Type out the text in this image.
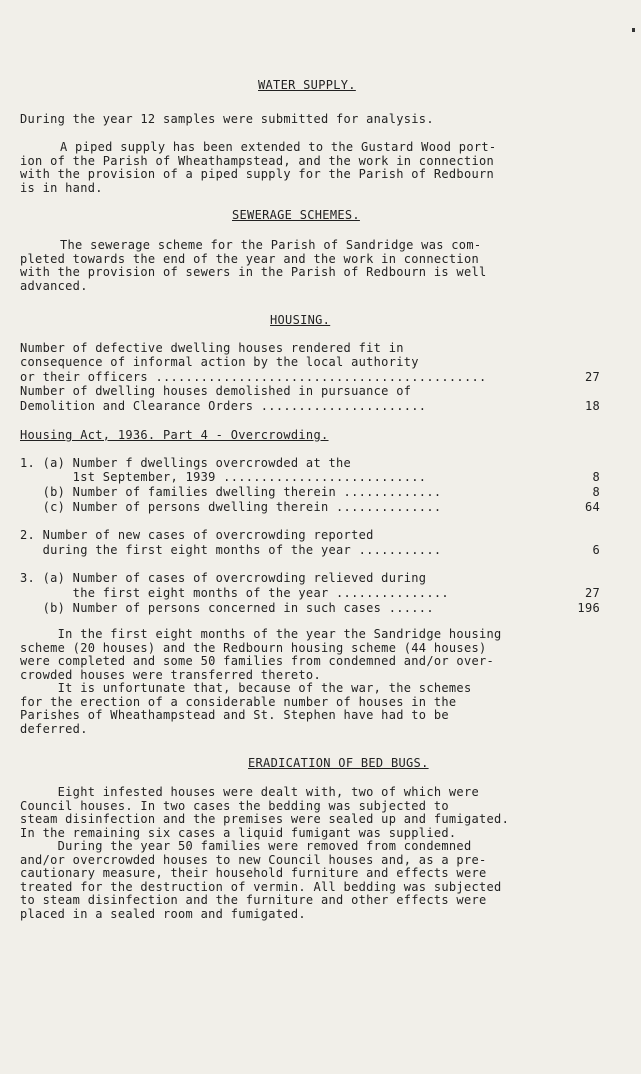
WATER SUPPLY.
During the year 12 samples were submitted for analysis.
A piped supply has been extended to the Gustard Wood port-
ion of the Parish of Wheathampstead, and the work in connection
with the provision of a piped supply for the Parish of Redbourn
is in hand.
SEWERAGE SCHEMES.
The sewerage scheme for the Parish of Sandridge was com-
pleted towards the end of the year and the work in connection
with the provision of sewers in the Parish of Redbourn is well
advanced.
HOUSING.
Number of defective dwelling houses rendered fit in
consequence of informal action by the local authority
or their officers ............................................	27
Number of dwelling houses demolished in pursuance of
Demolition and Clearance Orders ......................	18
Housing Act, 1936. Part 4 - Overcrowding.
1. (a) Number f dwellings overcrowded at the
1st September, 1939 ...........................	8
(b) Number of families dwelling therein .............	8
(c) Number of persons dwelling therein ..............	64
2. Number of new cases of overcrowding reported
during the first eight months of the year ...........	6
3. (a) Number of cases of overcrowding relieved during
the first eight months of the year ...............	27
(b) Number of persons concerned in such cases ......	196
In the first eight months of the year the Sandridge housing
scheme (20 houses) and the Redbourn housing scheme (44 houses)
were completed and some 50 families from condemned and/or over-
crowded houses were transferred thereto.
It is unfortunate that, because of the war, the schemes
for the erection of a considerable number of houses in the
Parishes of Wheathampstead and St. Stephen have had to be
deferred.
ERADICATION OF BED BUGS.
Eight infested houses were dealt with, two of which were
Council houses. In two cases the bedding was subjected to
steam disinfection and the premises were sealed up and fumigated.
In the remaining six cases a liquid fumigant was supplied.
During the year 50 families were removed from condemned
and/or overcrowded houses to new Council houses and, as a pre-
cautionary measure, their household furniture and effects were
treated for the destruction of vermin. All bedding was subjected
to steam disinfection and the furniture and other effects were
placed in a sealed room and fumigated.
